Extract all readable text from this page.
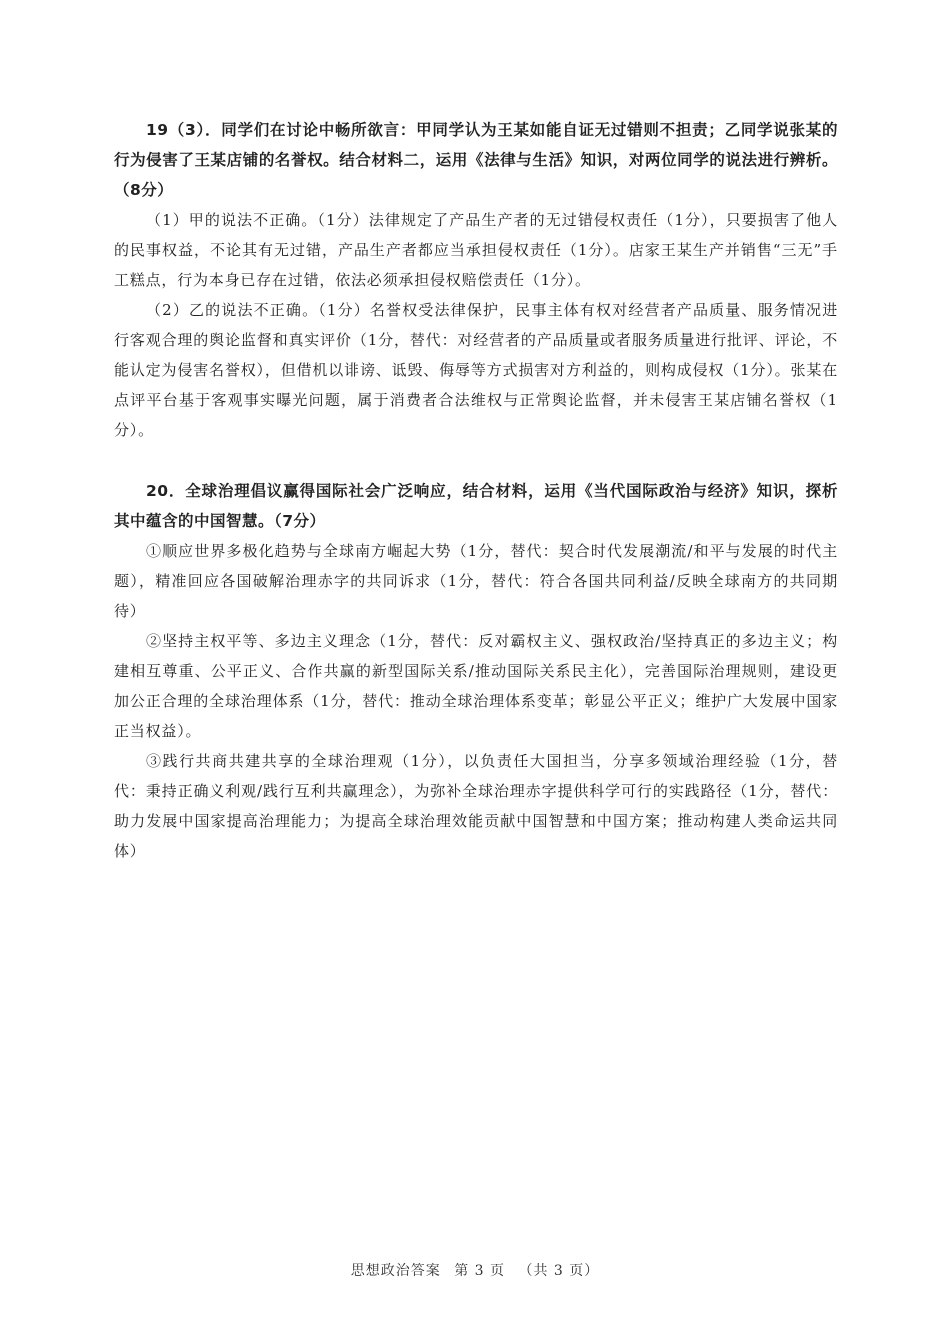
19（3）．同学们在讨论中畅所欲言：甲同学认为王某如能自证无过错则不担责；乙同学说张某的行为侵害了王某店铺的名誉权。结合材料二，运用《法律与生活》知识，对两位同学的说法进行辨析。（8分）

（1）甲的说法不正确。（1分）法律规定了产品生产者的无过错侵权责任（1分），只要损害了他人的民事权益，不论其有无过错，产品生产者都应当承担侵权责任（1分）。店家王某生产并销售“三无”手工糕点，行为本身已存在过错，依法必须承担侵权赔偿责任（1分）。

（2）乙的说法不正确。（1分）名誉权受法律保护，民事主体有权对经营者产品质量、服务情况进行客观合理的舆论监督和真实评价（1分，替代：对经营者的产品质量或者服务质量进行批评、评论，不能认定为侵害名誉权），但借机以诽谤、诋毁、侮辱等方式损害对方利益的，则构成侵权（1分）。张某在点评平台基于客观事实曝光问题，属于消费者合法维权与正常舆论监督，并未侵害王某店铺名誉权（1分）。

20．全球治理倡议赢得国际社会广泛响应，结合材料，运用《当代国际政治与经济》知识，探析其中蕴含的中国智慧。（7分）

①顺应世界多极化趋势与全球南方崛起大势（1分，替代：契合时代发展潮流/和平与发展的时代主题），精准回应各国破解治理赤字的共同诉求（1分，替代：符合各国共同利益/反映全球南方的共同期待）

②坚持主权平等、多边主义理念（1分，替代：反对霸权主义、强权政治/坚持真正的多边主义；构建相互尊重、公平正义、合作共赢的新型国际关系/推动国际关系民主化），完善国际治理规则，建设更加公正合理的全球治理体系（1分，替代：推动全球治理体系变革；彰显公平正义；维护广大发展中国家正当权益）。

③践行共商共建共享的全球治理观（1分），以负责任大国担当，分享多领域治理经验（1分，替代：秉持正确义利观/践行互利共赢理念），为弥补全球治理赤字提供科学可行的实践路径（1分，替代：助力发展中国家提高治理能力；为提高全球治理效能贡献中国智慧和中国方案；推动构建人类命运共同体）

思想政治答案 第 3 页 （共 3 页）
